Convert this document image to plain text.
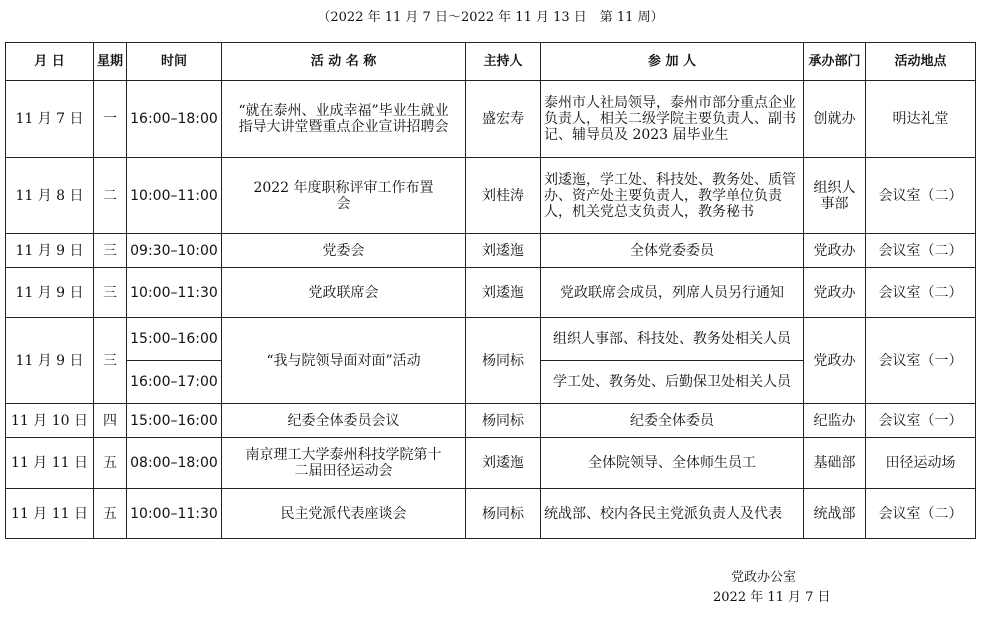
（2022 年 11 月 7 日～2022 年 11 月 13 日　第 11 周）
月 日	星期	时间	活 动 名 称	主持人	参 加 人	承办部门	活动地点
11 月 7 日	一	16:00–18:00	“就在泰州、业成幸福”毕业生就业指导大讲堂暨重点企业宣讲招聘会	盛宏寿	泰州市人社局领导，泰州市部分重点企业负责人，相关二级学院主要负责人、副书记、辅导员及 2023 届毕业生	创就办	明达礼堂
11 月 8 日	二	10:00–11:00	2022 年度职称评审工作布置会	刘桂涛	刘逶迤，学工处、科技处、教务处、质管办、资产处主要负责人，教学单位负责人，机关党总支负责人，教务秘书	组织人事部	会议室（二）
11 月 9 日	三	09:30–10:00	党委会	刘逶迤	全体党委委员	党政办	会议室（二）
11 月 9 日	三	10:00–11:30	党政联席会	刘逶迤	党政联席会成员，列席人员另行通知	党政办	会议室（二）
11 月 9 日	三	15:00–16:00	“我与院领导面对面”活动	杨同标	组织人事部、科技处、教务处相关人员	党政办	会议室（一）
		16:00–17:00			学工处、教务处、后勤保卫处相关人员		
11 月 10 日	四	15:00–16:00	纪委全体委员会议	杨同标	纪委全体委员	纪监办	会议室（一）
11 月 11 日	五	08:00–18:00	南京理工大学泰州科技学院第十二届田径运动会	刘逶迤	全体院领导、全体师生员工	基础部	田径运动场
11 月 11 日	五	10:00–11:30	民主党派代表座谈会	杨同标	统战部、校内各民主党派负责人及代表	统战部	会议室（二）
党政办公室
2022 年 11 月 7 日
